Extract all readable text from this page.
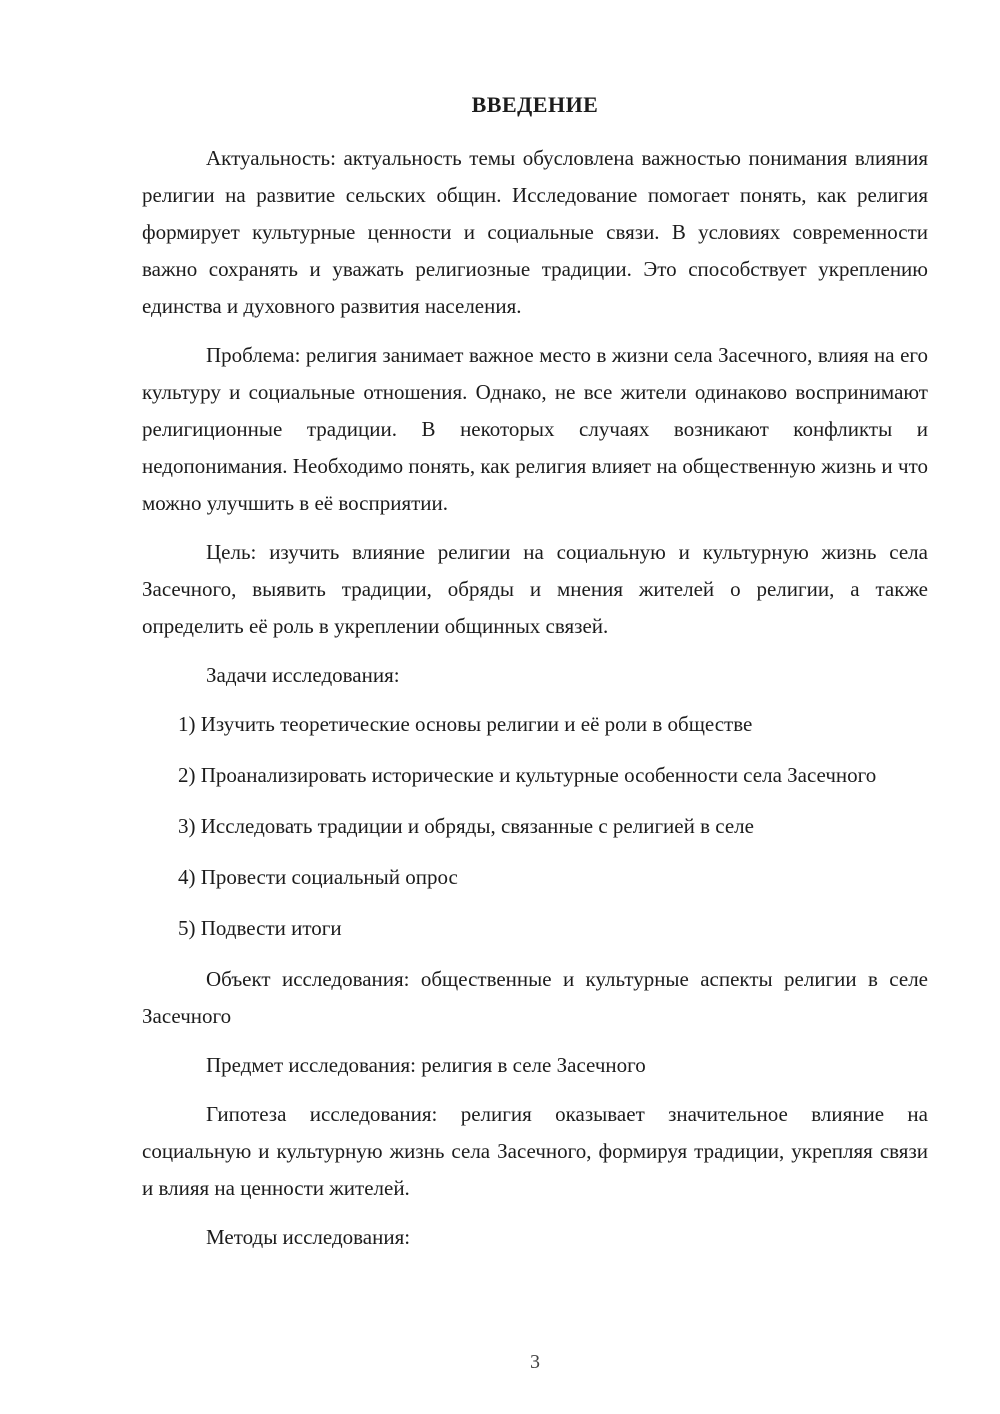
ВВЕДЕНИЕ

Актуальность: актуальность темы обусловлена важностью понимания влияния религии на развитие сельских общин. Исследование помогает понять, как религия формирует культурные ценности и социальные связи. В условиях современности важно сохранять и уважать религиозные традиции. Это способствует укреплению единства и духовного развития населения.

Проблема: религия занимает важное место в жизни села Засечного, влияя на его культуру и социальные отношения. Однако, не все жители одинаково воспринимают религиционные традиции. В некоторых случаях возникают конфликты и недопонимания. Необходимо понять, как религия влияет на общественную жизнь и что можно улучшить в её восприятии.

Цель: изучить влияние религии на социальную и культурную жизнь села Засечного, выявить традиции, обряды и мнения жителей о религии, а также определить её роль в укреплении общинных связей.

Задачи исследования:

1) Изучить теоретические основы религии и её роли в обществе

2) Проанализировать исторические и культурные особенности села Засечного

3) Исследовать традиции и обряды, связанные с религией в селе

4) Провести социальный опрос

5) Подвести итоги

Объект исследования: общественные и культурные аспекты религии в селе Засечного

Предмет исследования: религия в селе Засечного

Гипотеза исследования: религия оказывает значительное влияние на социальную и культурную жизнь села Засечного, формируя традиции, укрепляя связи и влияя на ценности жителей.

Методы исследования:

3
